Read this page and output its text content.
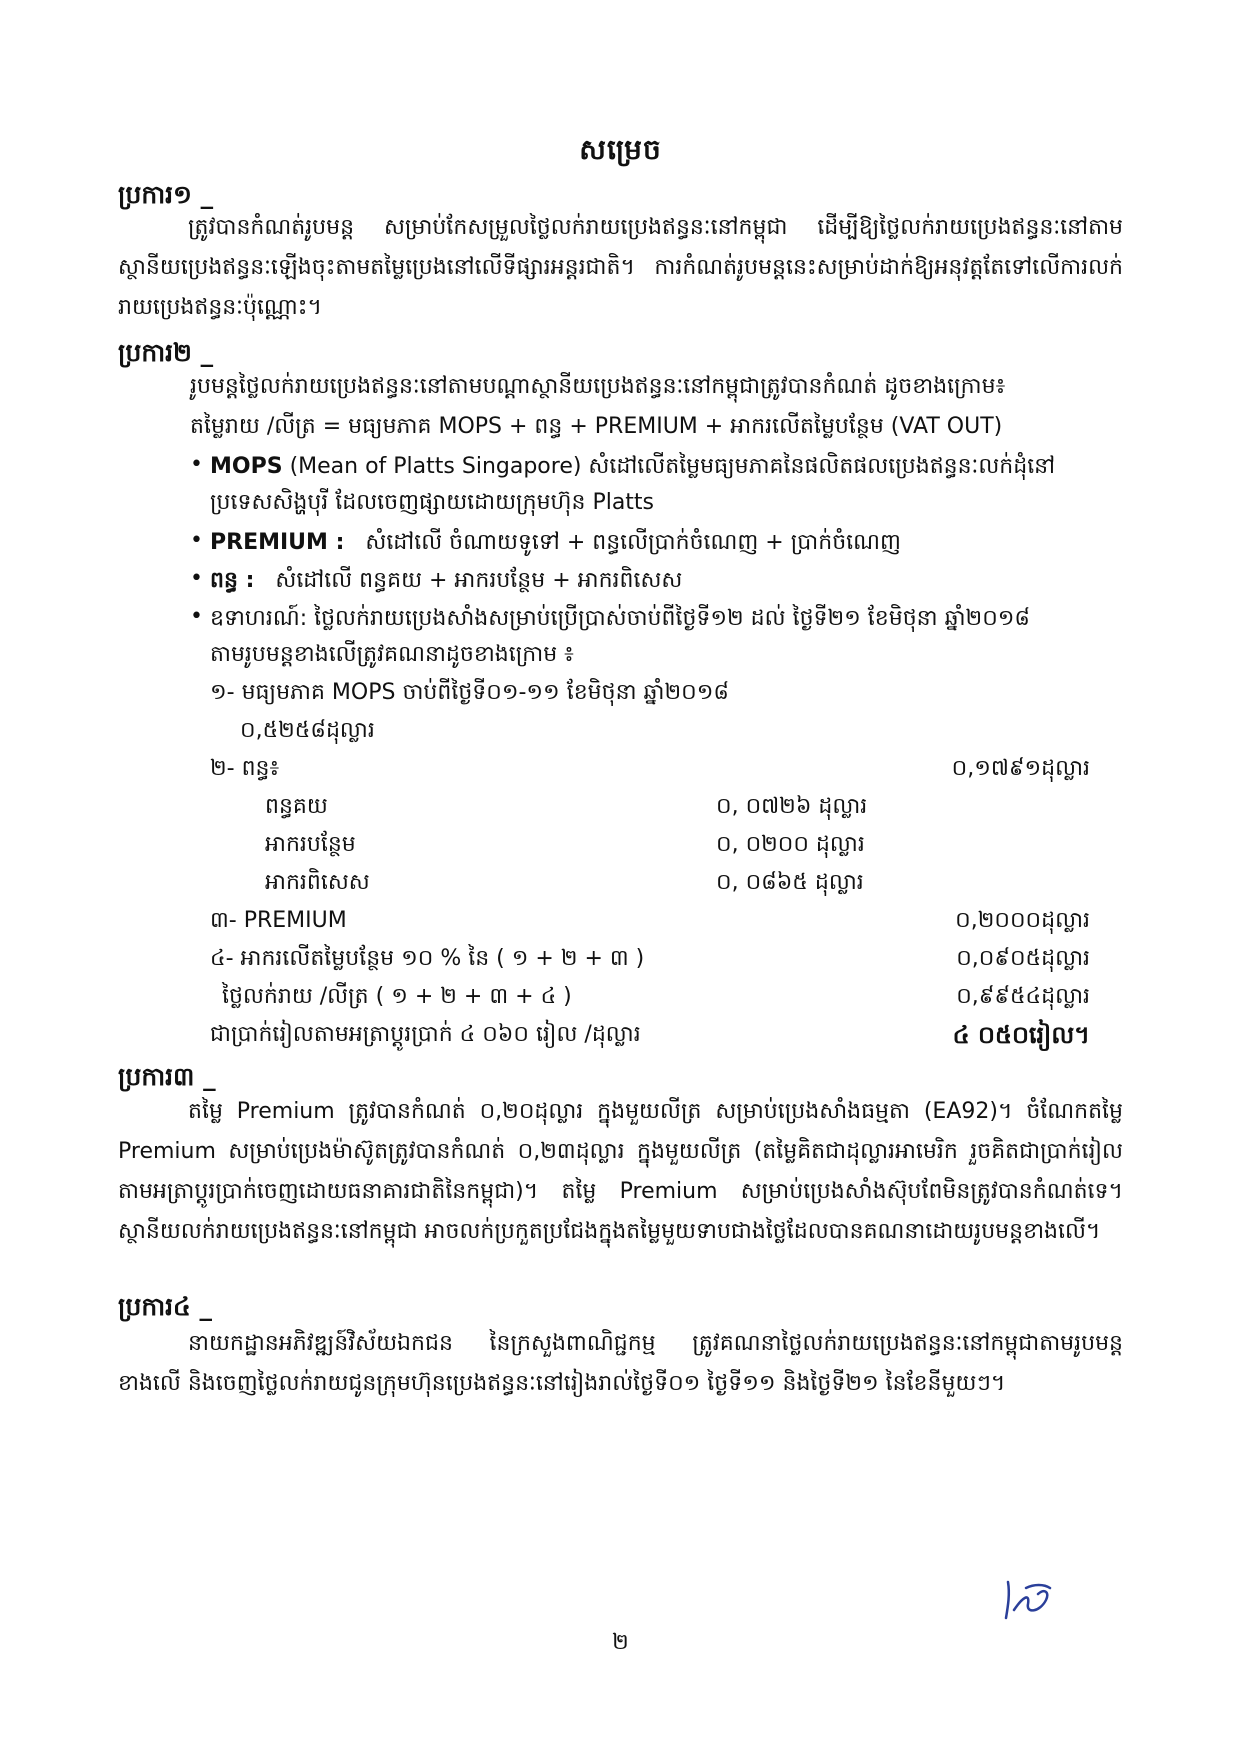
សម្រេច
ប្រការ១ _
ត្រូវបានកំណត់រូបមន្ត សម្រាប់កែសម្រួលថ្លៃលក់រាយប្រេងឥន្ធនៈនៅកម្ពុជា ដើម្បីឱ្យថ្លៃលក់រាយប្រេងឥន្ធនៈនៅតាមស្ថានីយប្រេងឥន្ធនៈឡើងចុះតាមតម្លៃប្រេងនៅលើទីផ្សារអន្តរជាតិ។ ការកំណត់រូបមន្តនេះសម្រាប់ដាក់ឱ្យអនុវត្តតែទៅលើការលក់រាយប្រេងឥន្ធនៈប៉ុណ្ណោះ។
ប្រការ២ _
រូបមន្តថ្លៃលក់រាយប្រេងឥន្ធនៈនៅតាមបណ្តាស្ថានីយប្រេងឥន្ធនៈនៅកម្ពុជាត្រូវបានកំណត់ ដូចខាងក្រោម៖
តម្លៃរាយ /លីត្រ = មធ្យមភាគ MOPS + ពន្ធ + PREMIUM + អាករលើតម្លៃបន្ថែម (VAT OUT)
• MOPS (Mean of Platts Singapore) សំដៅលើតម្លៃមធ្យមភាគនៃផលិតផលប្រេងឥន្ធនៈលក់ដុំនៅ
ប្រទេសសិង្ហបុរី ដែលចេញផ្សាយដោយក្រុមហ៊ុន Platts
• PREMIUM : សំដៅលើ ចំណាយទូទៅ + ពន្ធលើប្រាក់ចំណេញ + ប្រាក់ចំណេញ
• ពន្ធ : សំដៅលើ ពន្ធគយ + អាករបន្ថែម + អាករពិសេស
• ឧទាហរណ៍: ថ្លៃលក់រាយប្រេងសាំងសម្រាប់ប្រើប្រាស់ចាប់ពីថ្ងៃទី១២ ដល់ ថ្ងៃទី២១ ខែមិថុនា ឆ្នាំ២០១៨
តាមរូបមន្តខាងលើត្រូវគណនាដូចខាងក្រោម ៖
១- មធ្យមភាគ MOPS ចាប់ពីថ្ងៃទី០១-១១ ខែមិថុនា ឆ្នាំ២០១៨
០,៥២៥៨ដុល្លារ
២- ពន្ធ៖	០,១៧៩១ដុល្លារ
ពន្ធគយ	០, ០៧២៦ ដុល្លារ
អាករបន្ថែម	០, ០២០០ ដុល្លារ
អាករពិសេស	០, ០៨៦៥ ដុល្លារ
៣- PREMIUM	០,២០០០ដុល្លារ
៤- អាករលើតម្លៃបន្ថែម ១០ % នៃ ( ១ + ២ + ៣ )	០,០៩០៥ដុល្លារ
ថ្លៃលក់រាយ /លីត្រ ( ១ + ២ + ៣ + ៤ )	០,៩៩៥៤ដុល្លារ
ជាប្រាក់រៀលតាមអត្រាប្តូរប្រាក់ ៤ ០៦០ រៀល /ដុល្លារ	៤ ០៥០រៀល។
ប្រការ៣ _
តម្លៃ Premium ត្រូវបានកំណត់ ០,២០ដុល្លារ ក្នុងមួយលីត្រ សម្រាប់ប្រេងសាំងធម្មតា (EA92)។ ចំណែកតម្លៃ Premium សម្រាប់ប្រេងម៉ាស៊ូតត្រូវបានកំណត់ ០,២៣ដុល្លារ ក្នុងមួយលីត្រ (តម្លៃគិតជាដុល្លារអាមេរិក រួចគិតជាប្រាក់រៀលតាមអត្រាប្តូរប្រាក់ចេញដោយធនាគារជាតិនៃកម្ពុជា)។ តម្លៃ Premium សម្រាប់ប្រេងសាំងស៊ុបពែមិនត្រូវបានកំណត់ទេ។ ស្ថានីយលក់រាយប្រេងឥន្ធនៈនៅកម្ពុជា អាចលក់ប្រកួតប្រជែងក្នុងតម្លៃមួយទាបជាងថ្លៃដែលបានគណនាដោយរូបមន្តខាងលើ។
ប្រការ៤ _
នាយកដ្ឋានអភិវឌ្ឍន៍វិស័យឯកជន នៃក្រសួងពាណិជ្ជកម្ម ត្រូវគណនាថ្លៃលក់រាយប្រេងឥន្ធនៈនៅកម្ពុជាតាមរូបមន្តខាងលើ និងចេញថ្លៃលក់រាយជូនក្រុមហ៊ុនប្រេងឥន្ធនៈនៅរៀងរាល់ថ្ងៃទី០១ ថ្ងៃទី១១ និងថ្ងៃទី២១ នៃខែនីមួយៗ។
២
